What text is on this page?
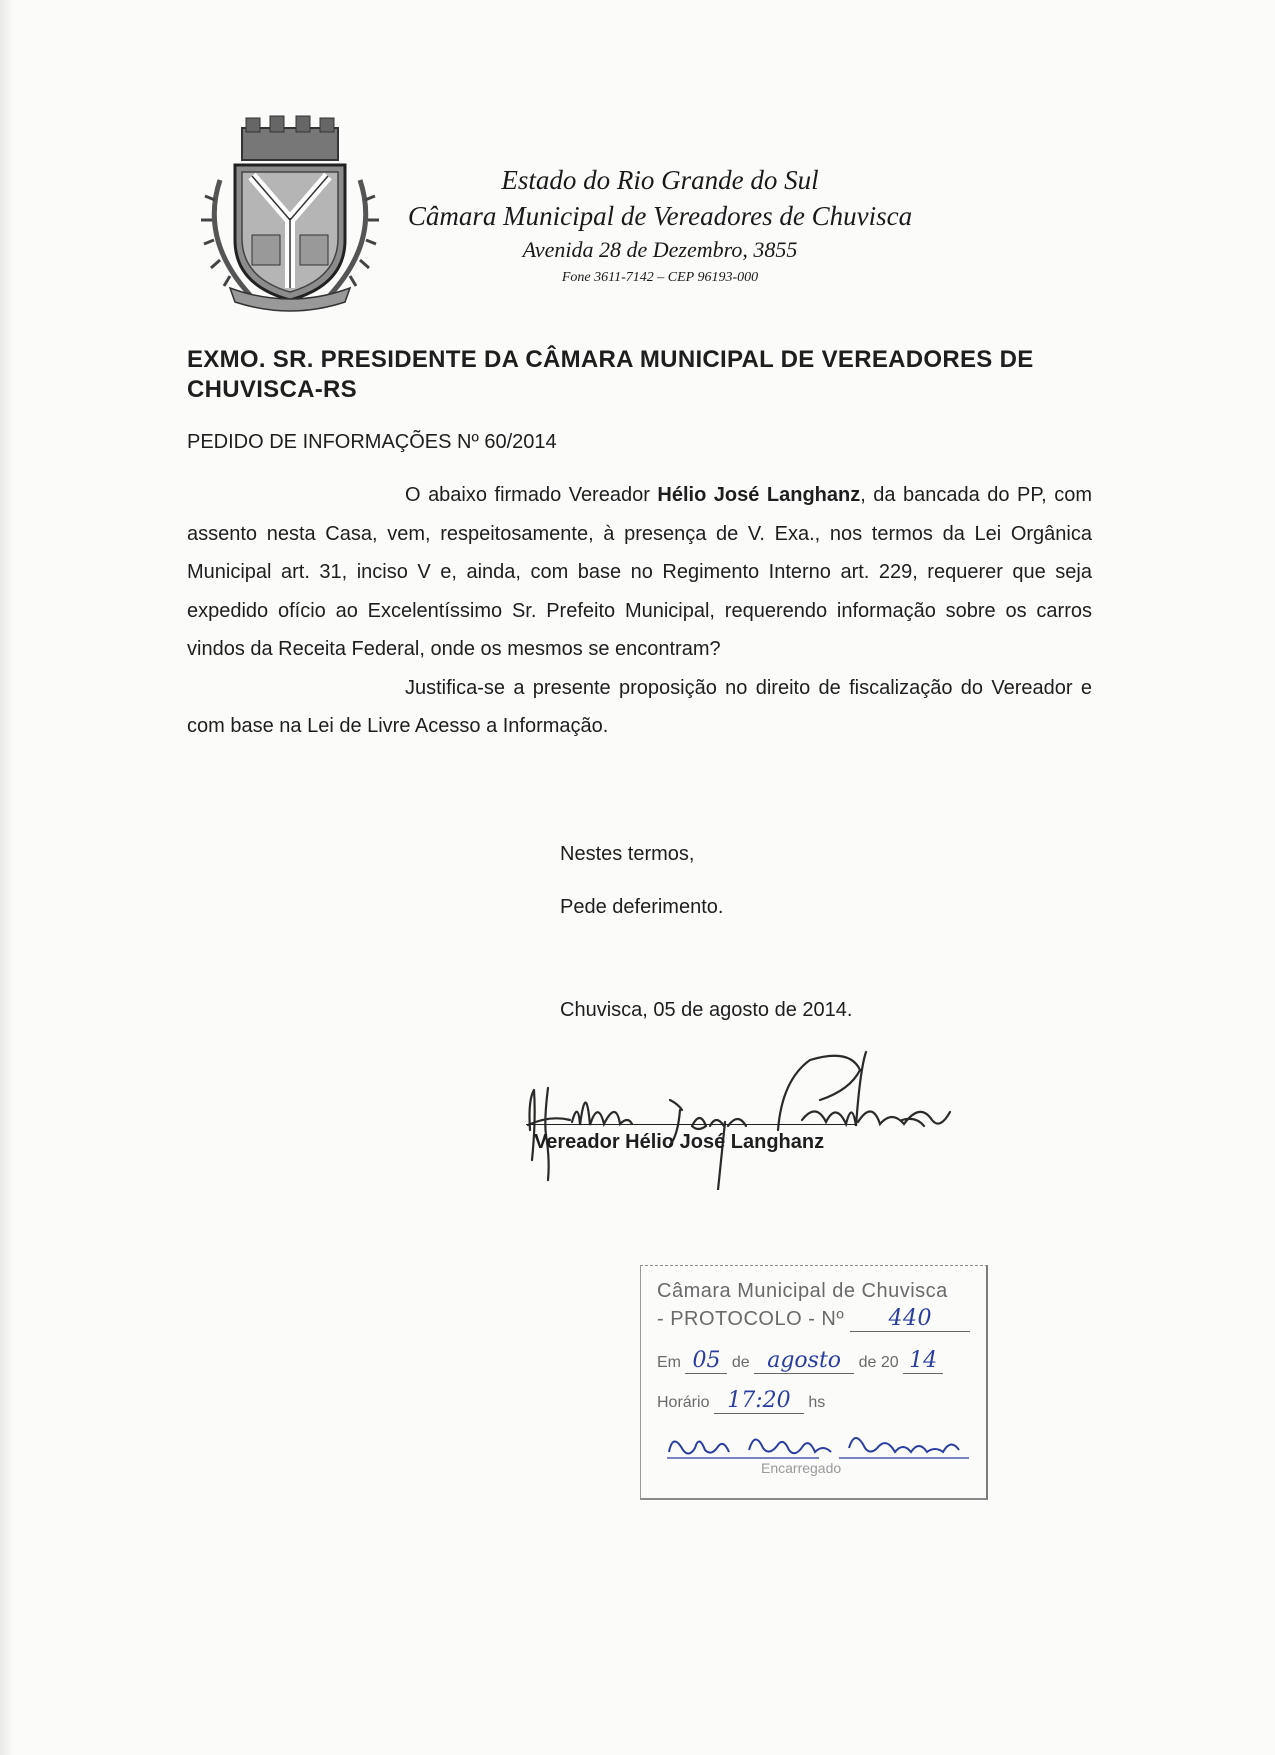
Estado do Rio Grande do Sul
Câmara Municipal de Vereadores de Chuvisca
Avenida 28 de Dezembro, 3855
Fone 3611-7142 – CEP 96193-000
EXMO. SR. PRESIDENTE DA CÂMARA MUNICIPAL DE VEREADORES DE CHUVISCA-RS
PEDIDO DE INFORMAÇÕES Nº 60/2014

O abaixo firmado Vereador Hélio José Langhanz, da bancada do PP, com assento nesta Casa, vem, respeitosamente, à presença de V. Exa., nos termos da Lei Orgânica Municipal art. 31, inciso V e, ainda, com base no Regimento Interno art. 229, requerer que seja expedido ofício ao Excelentíssimo Sr. Prefeito Municipal, requerendo informação sobre os carros vindos da Receita Federal, onde os mesmos se encontram?

Justifica-se a presente proposição no direito de fiscalização do Vereador e com base na Lei de Livre Acesso a Informação.

Nestes termos,
Pede deferimento.
Chuvisca, 05 de agosto de 2014.
Vereador Hélio José Langhanz
Câmara Municipal de Chuvisca
- PROTOCOLO - Nº 440
Em 05 de agosto de 20 14
Horário 17:20 hs
Encarregado
